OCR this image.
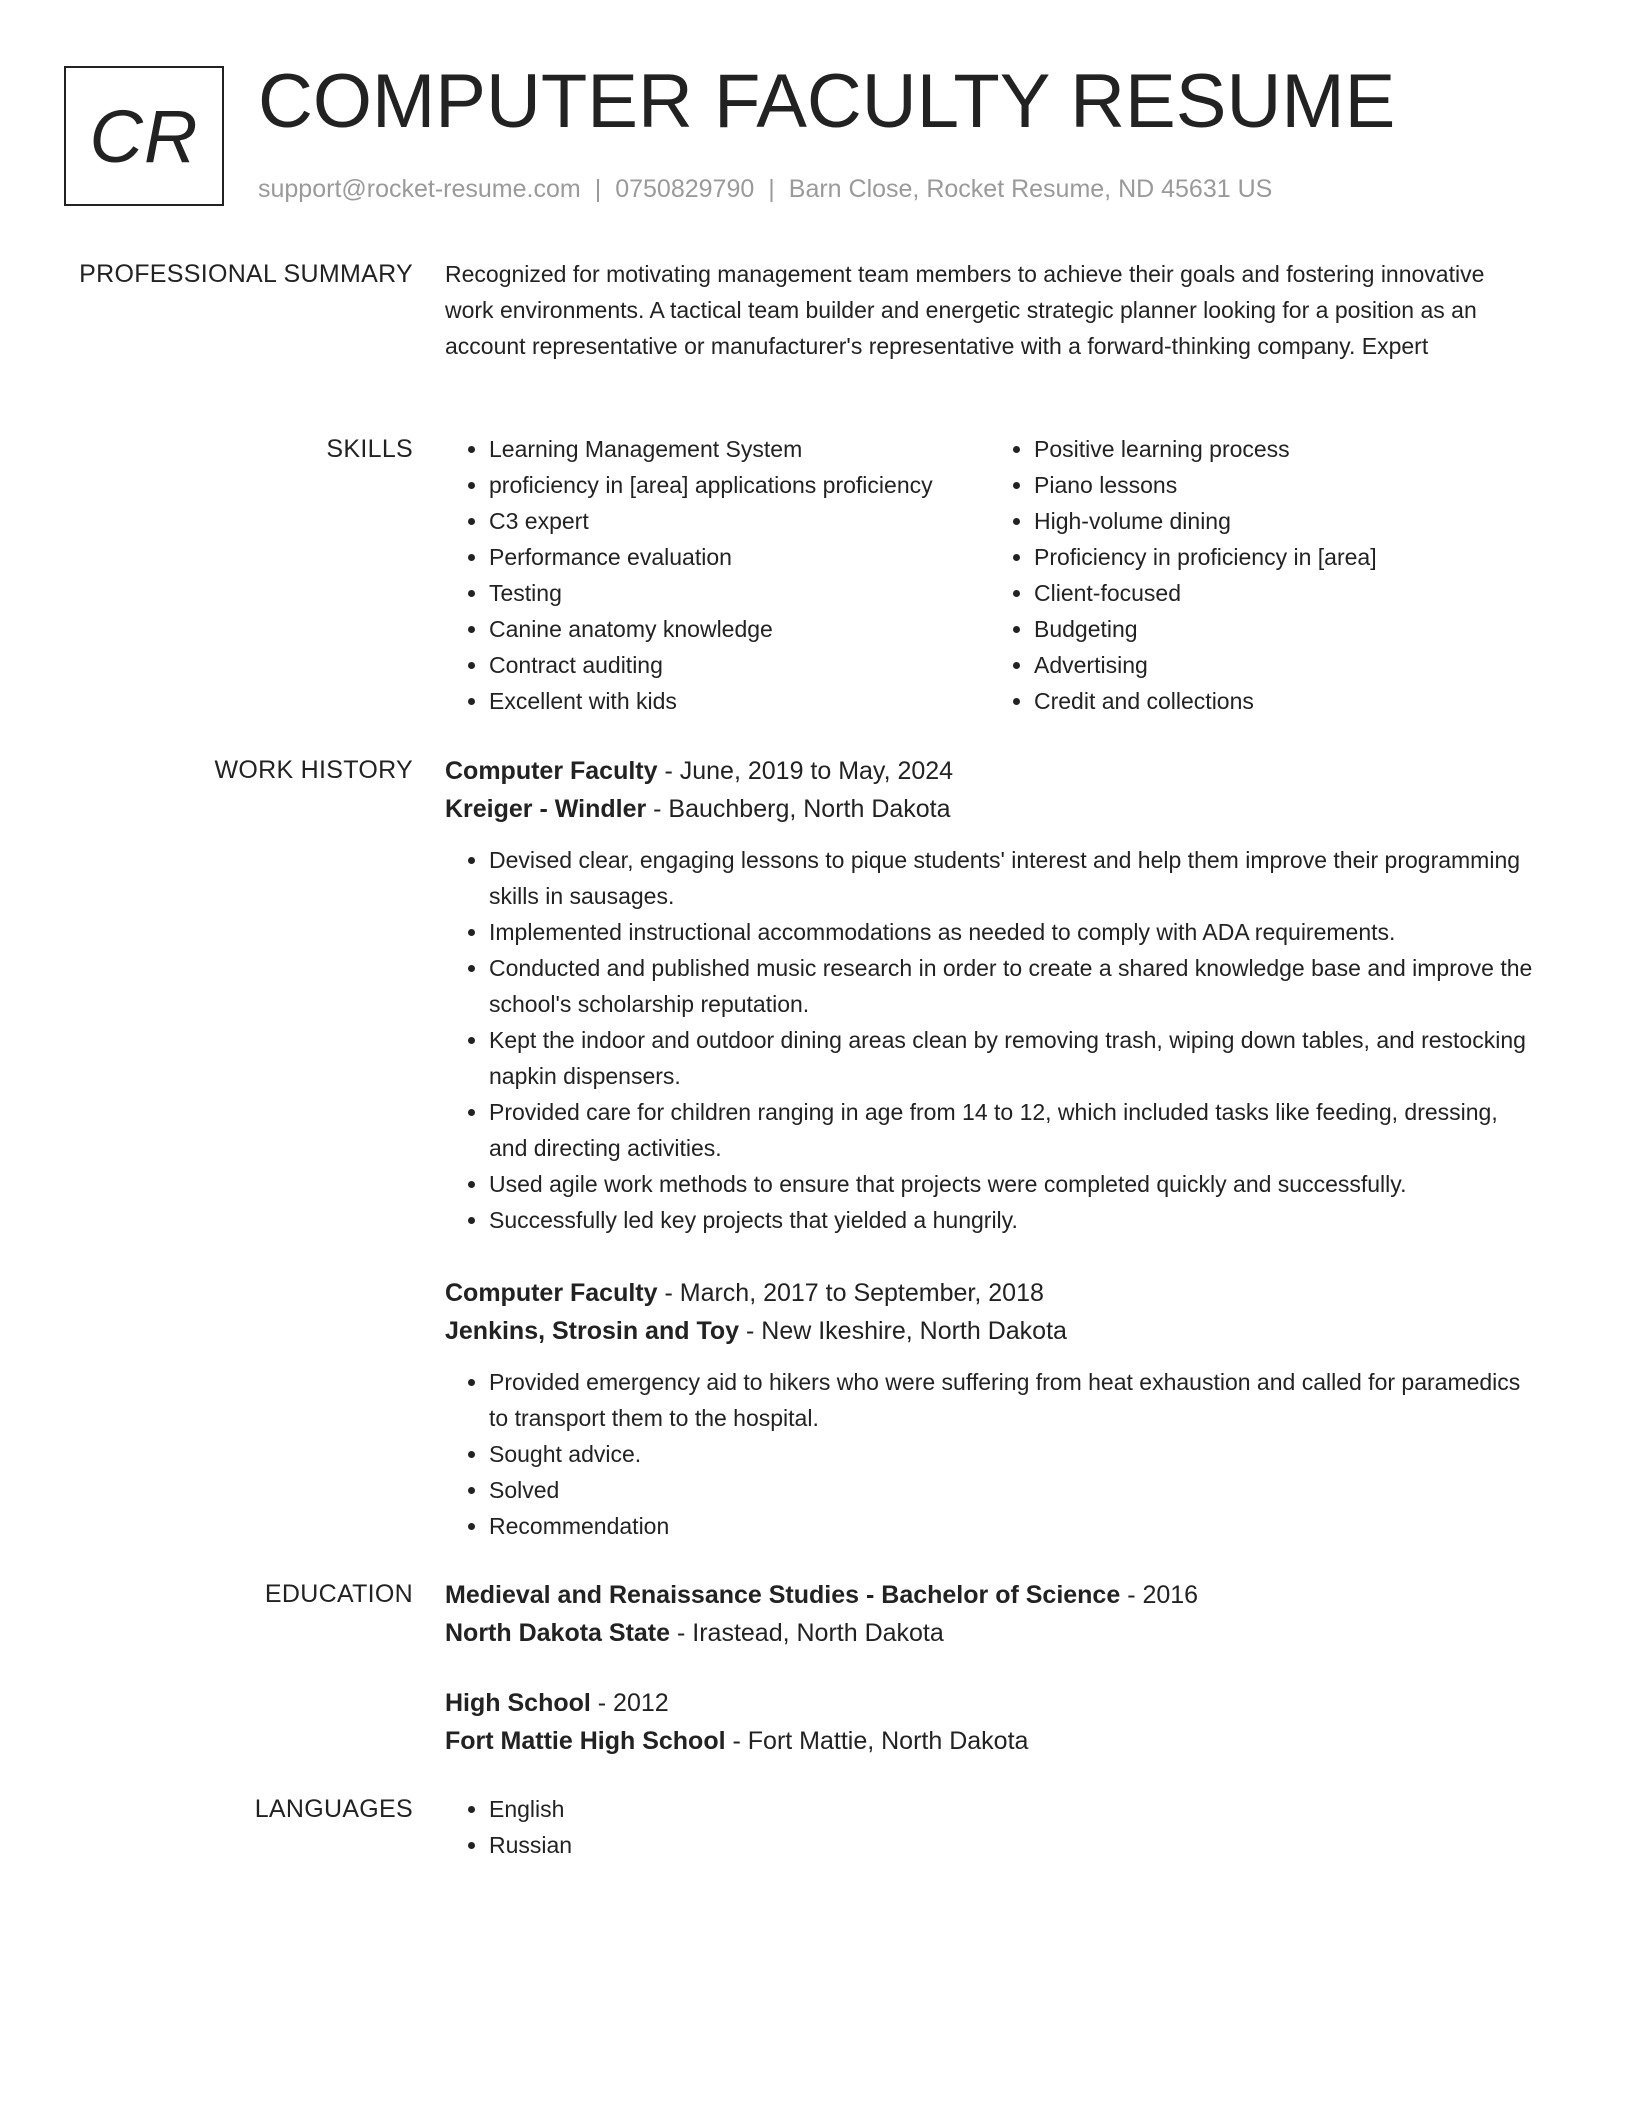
CR COMPUTER FACULTY RESUME
support@rocket-resume.com | 0750829790 | Barn Close, Rocket Resume, ND 45631 US
PROFESSIONAL SUMMARY Recognized for motivating management team members to achieve their goals and fostering innovative work environments. A tactical team builder and energetic strategic planner looking for a position as an account representative or manufacturer's representative with a forward-thinking company. Expert

SKILLS	• Learning Management System
• proficiency in [area] applications proficiency
• C3 expert
• Performance evaluation
• Testing
• Canine anatomy knowledge
• Contract auditing
• Excellent with kids
• Positive learning process
• Piano lessons
• High-volume dining
• Proficiency in proficiency in [area]
• Client-focused
• Budgeting
• Advertising
• Credit and collections
WORK HISTORY Computer Faculty - June, 2019 to May, 2024
Kreiger - Windler - Bauchberg, North Dakota
• Devised clear, engaging lessons to pique students' interest and help them improve their programming skills in sausages.
• Implemented instructional accommodations as needed to comply with ADA requirements.
• Conducted and published music research in order to create a shared knowledge base and improve the school's scholarship reputation.
• Kept the indoor and outdoor dining areas clean by removing trash, wiping down tables, and restocking napkin dispensers.
• Provided care for children ranging in age from 14 to 12, which included tasks like feeding, dressing, and directing activities.
• Used agile work methods to ensure that projects were completed quickly and successfully.
• Successfully led key projects that yielded a hungrily.
Computer Faculty - March, 2017 to September, 2018
Jenkins, Strosin and Toy - New Ikeshire, North Dakota
• Provided emergency aid to hikers who were suffering from heat exhaustion and called for paramedics to transport them to the hospital.
• Sought advice.
• Solved
• Recommendation
EDUCATION Medieval and Renaissance Studies - Bachelor of Science - 2016
North Dakota State - Irastead, North Dakota
High School - 2012
Fort Mattie High School - Fort Mattie, North Dakota
LANGUAGES	• English
• Russian
